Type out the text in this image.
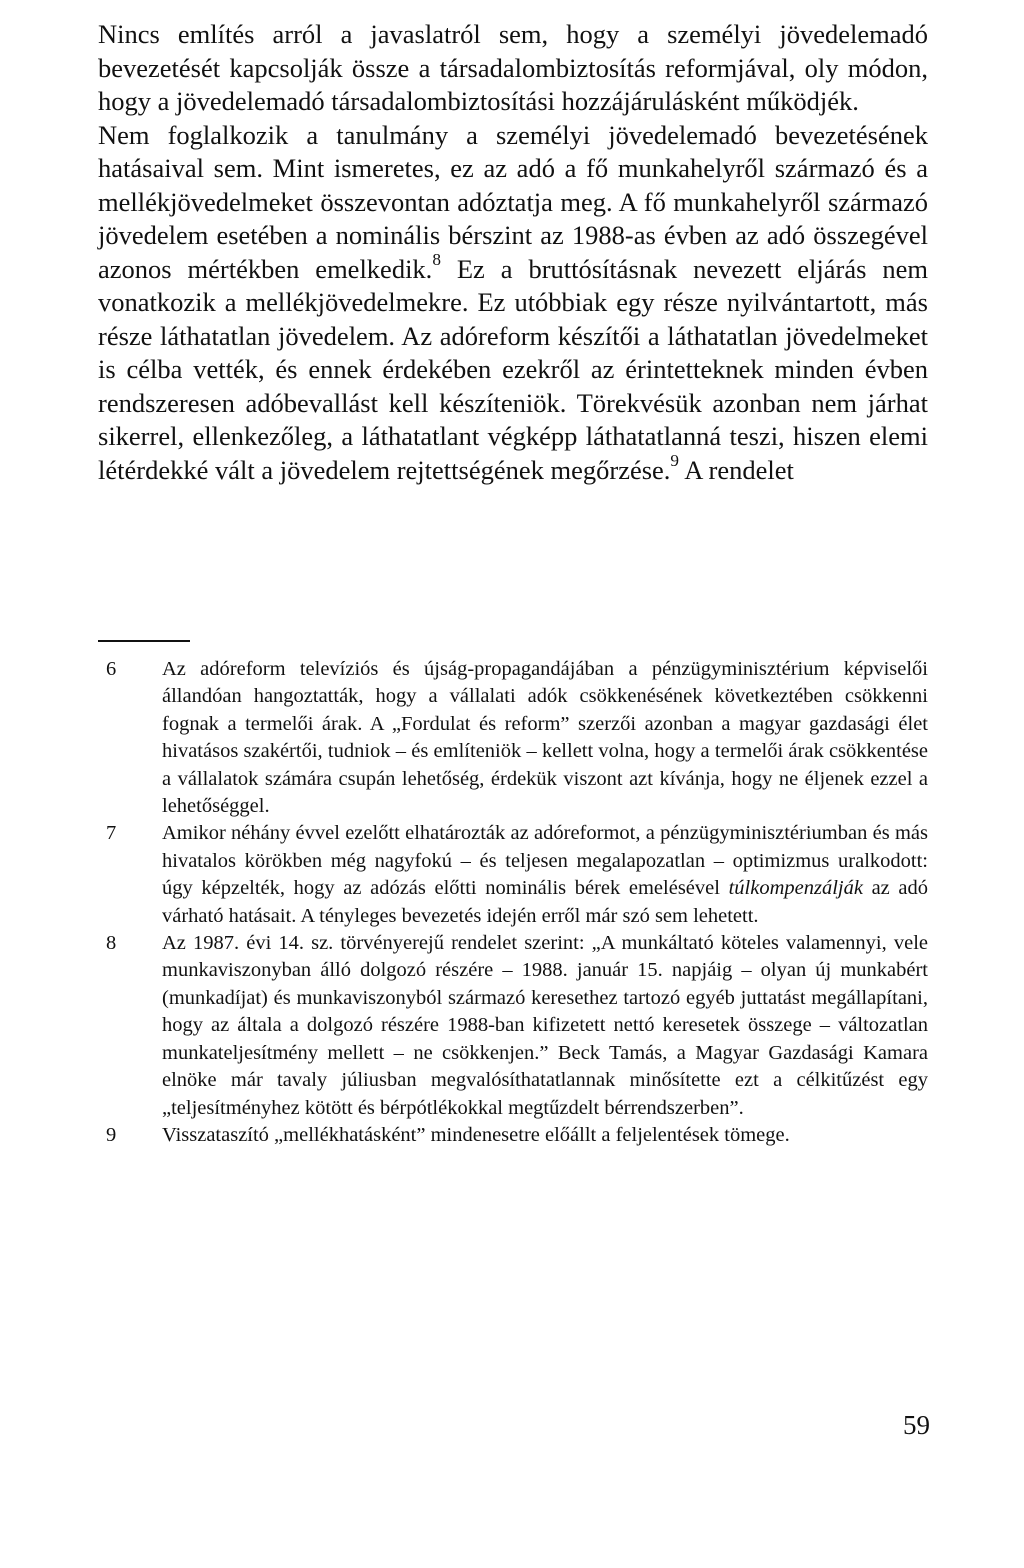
Nincs említés arról a javaslatról sem, hogy a személyi jövedelemadó bevezetését kapcsolják össze a társadalombiztosítás reformjával, oly módon, hogy a jövedelemadó társadalombiztosítási hozzájárulásként működjék.

Nem foglalkozik a tanulmány a személyi jövedelemadó bevezetésének hatásaival sem. Mint ismeretes, ez az adó a fő munkahelyről származó és a mellékjövedelmeket összevontan adóztatja meg. A fő munkahelyről származó jövedelem esetében a nominális bérszint az 1988-as évben az adó összegével azonos mértékben emelkedik.$^8$ Ez a bruttósításnak nevezett eljárás nem vonatkozik a mellékjövedelmekre. Ez utóbbiak egy része nyilvántartott, más része láthatatlan jövedelem. Az adóreform készítői a láthatatlan jövedelmeket is célba vették, és ennek érdekében ezekről az érintetteknek minden évben rendszeresen adóbevallást kell készíteniök. Törekvésük azonban nem járhat sikerrel, ellenkezőleg, a láthatatlant végképp láthatatlanná teszi, hiszen elemi létérdekké vált a jövedelem rejtettségének megőrzése.$^9$ A rendelet

6	Az adóreform televíziós és újság-propagandájában a pénzügyminisztérium képviselői állandóan hangoztatták, hogy a vállalati adók csökkenésének következtében csökkenni fognak a termelői árak. A „Fordulat és reform” szerzői azonban a magyar gazdasági élet hivatásos szakértői, tudniok – és említeniök – kellett volna, hogy a termelői árak csökkentése a vállalatok számára csupán lehetőség, érdekük viszont azt kívánja, hogy ne éljenek ezzel a lehetőséggel.
7	Amikor néhány évvel ezelőtt elhatározták az adóreformot, a pénzügyminisztériumban és más hivatalos körökben még nagyfokú – és teljesen megalapozatlan – optimizmus uralkodott: úgy képzelték, hogy az adózás előtti nominális bérek emelésével túlkompenzálják az adó várható hatásait. A tényleges bevezetés idején erről már szó sem lehetett.
8	Az 1987. évi 14. sz. törvényerejű rendelet szerint: „A munkáltató köteles valamennyi, vele munkaviszonyban álló dolgozó részére – 1988. január 15. napjáig – olyan új munkabért (munkadíjat) és munkaviszonyból származó keresethez tartozó egyéb juttatást megállapítani, hogy az általa a dolgozó részére 1988-ban kifizetett nettó keresetek összege – változatlan munkateljesítmény mellett – ne csökkenjen.” Beck Tamás, a Magyar Gazdasági Kamara elnöke már tavaly júliusban megvalósíthatatlannak minősítette ezt a célkitűzést egy „teljesítményhez kötött és bérpótlékokkal megtűzdelt bérrendszerben”.
9	Visszataszító „mellékhatásként” mindenesetre előállt a feljelentések tömege.
59
